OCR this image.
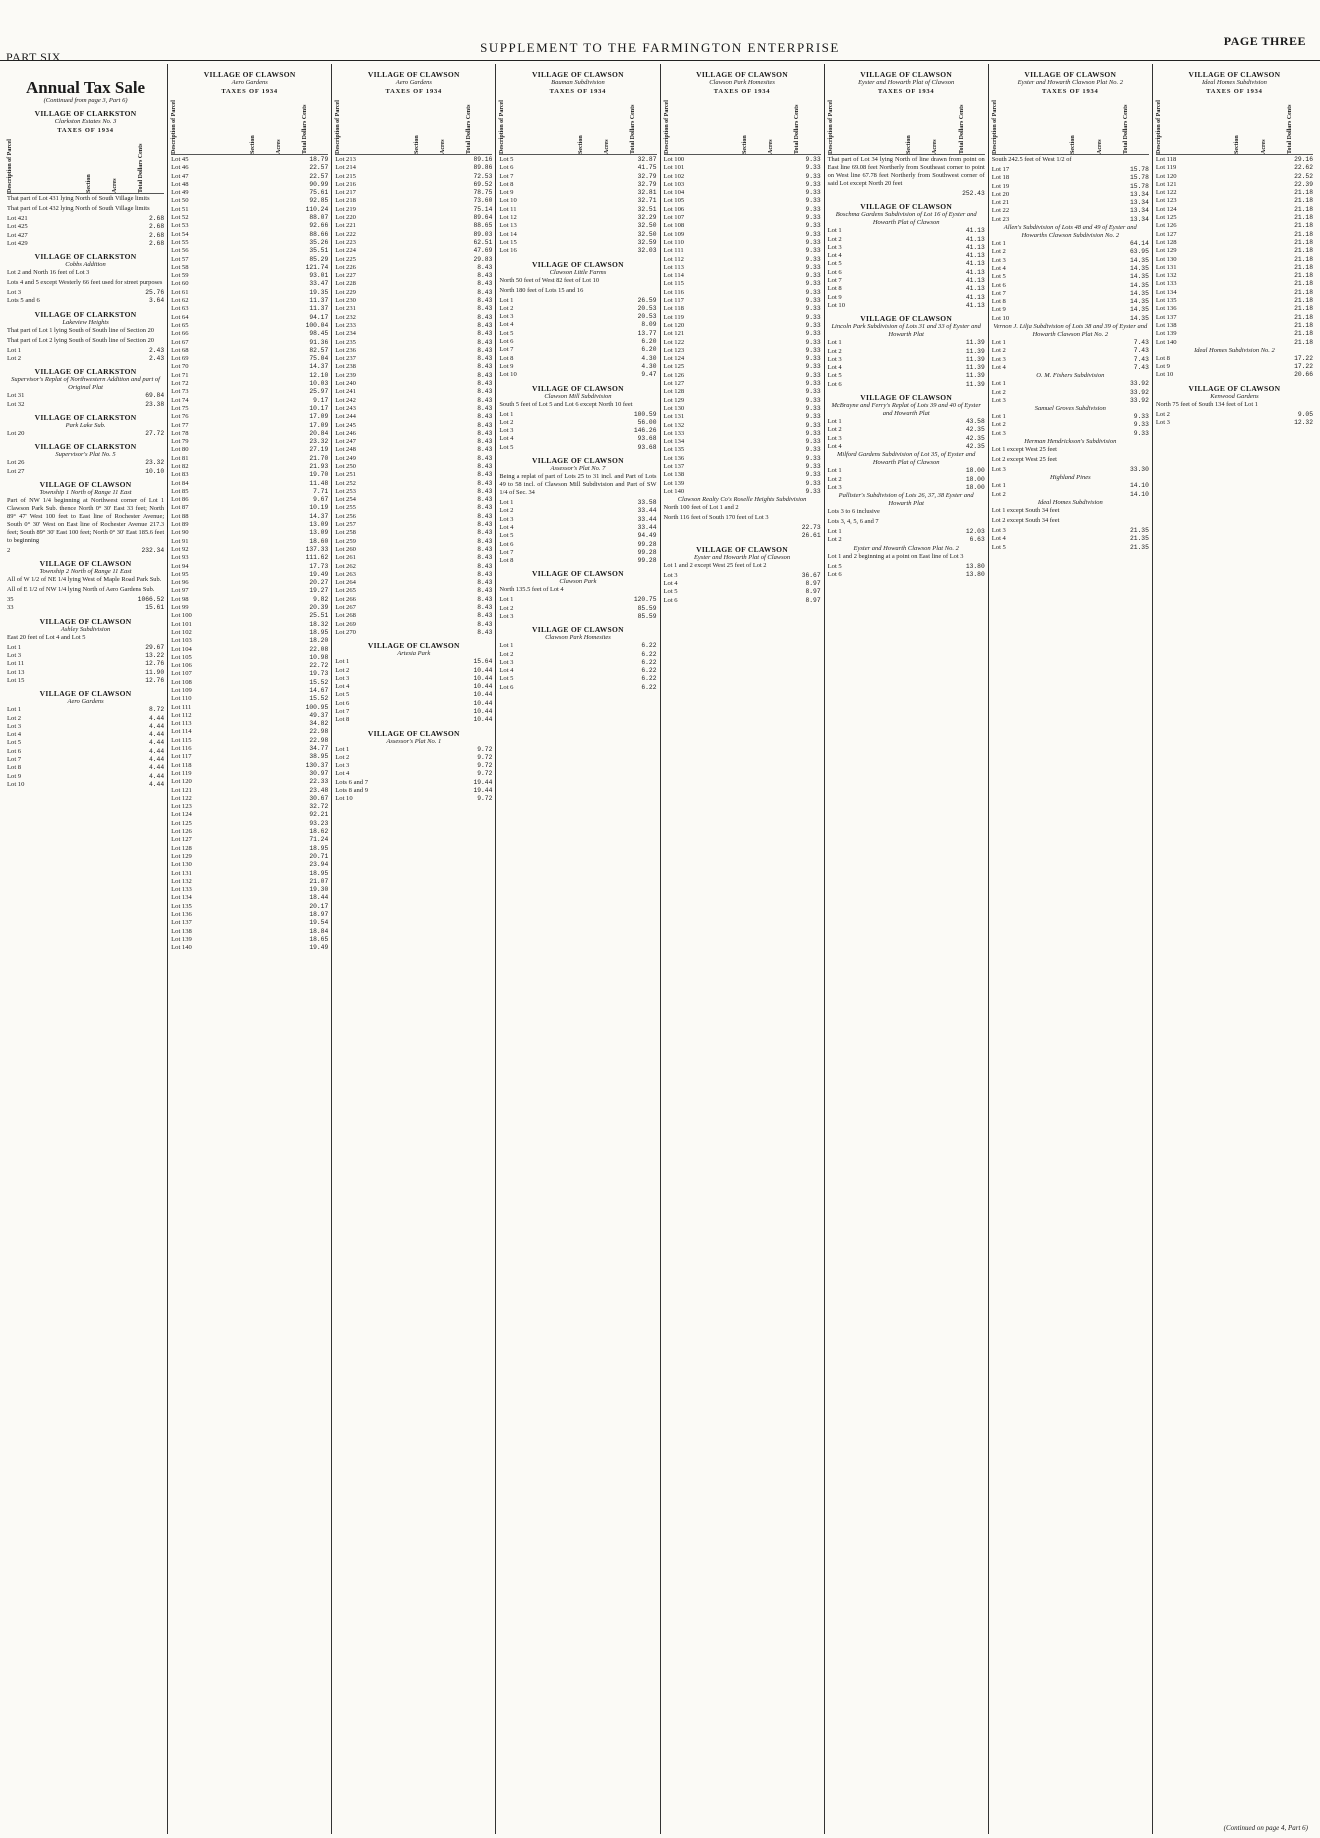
PART SIX
SUPPLEMENT TO THE FARMINGTON ENTERPRISE	PAGE THREE
Annual Tax Sale
(Continued from page 3, Part 6)
VILLAGE OF CLARKSTON
Clarkston Estates No. 3
TAXES OF 1934
Description of Parcel	Section	Acres	Total Dollars Cents

That part of Lot 431 lying North of South Village limits

That part of Lot 432 lying North of South Village limits

Lot 421	2.68
Lot 425	2.68
Lot 427	2.68
Lot 429	2.68
VILLAGE OF CLARKSTON
Cobbs Addition

Lot 2 and North 16 feet of Lot 3

Lots 4 and 5 except Westerly 66 feet used for street purposes

Lot 3	25.76
Lots 5 and 6	3.64
VILLAGE OF CLARKSTON
Lakeview Heights

That part of Lot 1 lying South of South line of Section 20

That part of Lot 2 lying South of South line of Section 20

Lot 1	2.43
Lot 2	2.43
VILLAGE OF CLARKSTON
Supervisor's Replat of Northwestern Addition and part of Original Plat
Lot 31	69.84
Lot 32	23.38
VILLAGE OF CLARKSTON
Park Lake Sub.
Lot 20	27.72
VILLAGE OF CLARKSTON
Supervisor's Plat No. 5
Lot 26	23.32
Lot 27	10.10
VILLAGE OF CLAWSON
Township 1 North of Range 11 East

Part of NW 1/4 beginning at Northwest corner of Lot 1 Clawson Park Sub. thence North 0° 30' East 33 feet; North 89° 47' West 100 feet to East line of Rochester Avenue; South 0° 30' West on East line of Rochester Avenue 217.3 feet; South 89° 30' East 100 feet; North 0° 30' East 185.6 feet to beginning

2	232.34
VILLAGE OF CLAWSON
Township 2 North of Range 11 East

All of W 1/2 of NE 1/4 lying West of Maple Road Park Sub.

All of E 1/2 of NW 1/4 lying North of Aero Gardens Sub.

35	1066.52
33	15.61
VILLAGE OF CLAWSON
Ashley Subdivision

East 20 feet of Lot 4 and Lot 5

Lot 1	29.67
Lot 3	13.22
Lot 11	12.76
Lot 13	11.90
Lot 15	12.76
VILLAGE OF CLAWSON
Aero Gardens
Lot 1	8.72
Lot 2	4.44
Lot 3	4.44
Lot 4	4.44
Lot 5	4.44
Lot 6	4.44
Lot 7	4.44
Lot 8	4.44
Lot 9	4.44
Lot 10	4.44
VILLAGE OF CLAWSON
Aero Gardens
TAXES OF 1934
Description of Parcel	Section	Acres	Total Dollars Cents
Lot 45	18.79
Lot 46	22.57
Lot 47	22.57
Lot 48	90.99
Lot 49	75.61
Lot 50	92.85
Lot 51	110.24
Lot 52	88.07
Lot 53	92.66
Lot 54	88.66
Lot 55	35.26
Lot 56	35.51
Lot 57	85.29
Lot 58	121.74
Lot 59	93.01
Lot 60	33.47
Lot 61	19.35
Lot 62	11.37
Lot 63	11.37
Lot 64	94.17
Lot 65	100.04
Lot 66	98.45
Lot 67	91.36
Lot 68	82.57
Lot 69	75.04
Lot 70	14.37
Lot 71	12.10
Lot 72	10.03
Lot 73	25.97
Lot 74	9.17
Lot 75	10.17
Lot 76	17.09
Lot 77	17.09
Lot 78	20.84
Lot 79	23.32
Lot 80	27.19
Lot 81	21.70
Lot 82	21.93
Lot 83	19.70
Lot 84	11.48
Lot 85	7.71
Lot 86	9.67
Lot 87	10.19
Lot 88	14.37
Lot 89	13.09
Lot 90	13.09
Lot 91	18.60
Lot 92	137.33
Lot 93	111.62
Lot 94	17.73
Lot 95	19.49
Lot 96	20.27
Lot 97	19.27
Lot 98	9.82
Lot 99	20.39
Lot 100	25.51
Lot 101	18.32
Lot 102	18.95
Lot 103	18.20
Lot 104	22.08
Lot 105	10.98
Lot 106	22.72
Lot 107	19.73
Lot 108	15.52
Lot 109	14.67
Lot 110	15.52
Lot 111	100.95
Lot 112	49.37
Lot 113	34.82
Lot 114	22.98
Lot 115	22.98
Lot 116	34.77
Lot 117	38.95
Lot 118	130.37
Lot 119	30.97
Lot 120	22.33
Lot 121	23.48
Lot 122	30.67
Lot 123	32.72
Lot 124	92.21
Lot 125	93.23
Lot 126	18.62
Lot 127	71.24
Lot 128	18.95
Lot 129	20.71
Lot 130	23.94
Lot 131	18.95
Lot 132	21.07
Lot 133	19.30
Lot 134	18.44
Lot 135	20.17
Lot 136	18.97
Lot 137	19.54
Lot 138	18.84
Lot 139	18.65
Lot 140	19.49
VILLAGE OF CLAWSON
Aero Gardens
TAXES OF 1934
Description of Parcel	Section	Acres	Total Dollars Cents
Lot 213	89.16
Lot 214	89.86
Lot 215	72.53
Lot 216	69.52
Lot 217	78.75
Lot 218	73.60
Lot 219	75.14
Lot 220	89.64
Lot 221	88.65
Lot 222	89.03
Lot 223	62.51
Lot 224	47.69
Lot 225	29.83
Lot 226	8.43
Lot 227	8.43
Lot 228	8.43
Lot 229	8.43
Lot 230	8.43
Lot 231	8.43
Lot 232	8.43
Lot 233	8.43
Lot 234	8.43
Lot 235	8.43
Lot 236	8.43
Lot 237	8.43
Lot 238	8.43
Lot 239	8.43
Lot 240	8.43
Lot 241	8.43
Lot 242	8.43
Lot 243	8.43
Lot 244	8.43
Lot 245	8.43
Lot 246	8.43
Lot 247	8.43
Lot 248	8.43
Lot 249	8.43
Lot 250	8.43
Lot 251	8.43
Lot 252	8.43
Lot 253	8.43
Lot 254	8.43
Lot 255	8.43
Lot 256	8.43
Lot 257	8.43
Lot 258	8.43
Lot 259	8.43
Lot 260	8.43
Lot 261	8.43
Lot 262	8.43
Lot 263	8.43
Lot 264	8.43
Lot 265	8.43
Lot 266	8.43
Lot 267	8.43
Lot 268	8.43
Lot 269	8.43
Lot 270	8.43
VILLAGE OF CLAWSON
Artesia Park
Lot 1	15.64
Lot 2	10.44
Lot 3	10.44
Lot 4	10.44
Lot 5	10.44
Lot 6	10.44
Lot 7	10.44
Lot 8	10.44
VILLAGE OF CLAWSON
Assessor's Plat No. 1
Lot 1	9.72
Lot 2	9.72
Lot 3	9.72
Lot 4	9.72
Lots 6 and 7	19.44
Lots 8 and 9	19.44
Lot 10	9.72
VILLAGE OF CLAWSON
Bauman Subdivision
TAXES OF 1934
Description of Parcel	Section	Acres	Total Dollars Cents
Lot 5	32.87
Lot 6	41.75
Lot 7	32.79
Lot 8	32.79
Lot 9	32.81
Lot 10	32.71
Lot 11	32.51
Lot 12	32.29
Lot 13	32.50
Lot 14	32.50
Lot 15	32.59
Lot 16	32.03
VILLAGE OF CLAWSON
Clawson Little Farms

North 50 feet of West 82 feet of Lot 10

North 180 feet of Lots 15 and 16

Lot 1	26.59
Lot 2	20.53
Lot 3	20.53
Lot 4	8.09
Lot 5	13.77
Lot 6	6.20
Lot 7	6.20
Lot 8	4.30
Lot 9	4.30
Lot 10	9.47
VILLAGE OF CLAWSON
Clawson Mill Subdivision

South 5 feet of Lot 5 and Lot 6 except North 10 feet

Lot 1	100.59
Lot 2	56.00
Lot 3	146.26
Lot 4	93.68
Lot 5	93.68
VILLAGE OF CLAWSON
Assessor's Plat No. 7

Being a replat of part of Lots 25 to 31 incl. and Part of Lots 49 to 58 incl. of Clawson Mill Subdivision and Part of SW 1/4 of Sec. 34

Lot 1	33.58
Lot 2	33.44
Lot 3	33.44
Lot 4	33.44
Lot 5	94.49
Lot 6	99.28
Lot 7	99.28
Lot 8	99.28
VILLAGE OF CLAWSON
Clawson Park

North 135.5 feet of Lot 4

Lot 1	120.75
Lot 2	85.59
Lot 3	85.59
VILLAGE OF CLAWSON
Clawson Park Homesites
Lot 1	6.22
Lot 2	6.22
Lot 3	6.22
Lot 4	6.22
Lot 5	6.22
Lot 6	6.22
VILLAGE OF CLAWSON
Clawson Park Homesites
TAXES OF 1934
Description of Parcel	Section	Acres	Total Dollars Cents
Lot 100	9.33
Lot 101	9.33
Lot 102	9.33
Lot 103	9.33
Lot 104	9.33
Lot 105	9.33
Lot 106	9.33
Lot 107	9.33
Lot 108	9.33
Lot 109	9.33
Lot 110	9.33
Lot 111	9.33
Lot 112	9.33
Lot 113	9.33
Lot 114	9.33
Lot 115	9.33
Lot 116	9.33
Lot 117	9.33
Lot 118	9.33
Lot 119	9.33
Lot 120	9.33
Lot 121	9.33
Lot 122	9.33
Lot 123	9.33
Lot 124	9.33
Lot 125	9.33
Lot 126	9.33
Lot 127	9.33
Lot 128	9.33
Lot 129	9.33
Lot 130	9.33
Lot 131	9.33
Lot 132	9.33
Lot 133	9.33
Lot 134	9.33
Lot 135	9.33
Lot 136	9.33
Lot 137	9.33
Lot 138	9.33
Lot 139	9.33
Lot 140	9.33
Clawson Realty Co's Roselle Heights Subdivision

North 100 feet of Lot 1 and 2

North 116 feet of South 170 feet of Lot 3

22.73
26.61
VILLAGE OF CLAWSON
Eyster and Howarth Plat of Clawson

Lot 1 and 2 except West 25 feet of Lot 2

Lot 3	36.67
Lot 4	8.97
Lot 5	8.97
Lot 6	8.97
VILLAGE OF CLAWSON
Eyster and Howarth Plat of Clawson
TAXES OF 1934
Description of Parcel	Section	Acres	Total Dollars Cents

That part of Lot 34 lying North of line drawn from point on East line 69.08 feet Northerly from Southeast corner to point on West line 67.78 feet Northerly from Southwest corner of said Lot except North 20 feet

252.43
VILLAGE OF CLAWSON
Boschma Gardens Subdivision of Lot 16 of Eyster and Howarth Plat of Clawson
Lot 1	41.13
Lot 2	41.13
Lot 3	41.13
Lot 4	41.13
Lot 5	41.13
Lot 6	41.13
Lot 7	41.13
Lot 8	41.13
Lot 9	41.13
Lot 10	41.13
VILLAGE OF CLAWSON
Lincoln Park Subdivision of Lots 31 and 33 of Eyster and Howarth Plat
Lot 1	11.39
Lot 2	11.39
Lot 3	11.39
Lot 4	11.39
Lot 5	11.39
Lot 6	11.39
VILLAGE OF CLAWSON
McBrayne and Ferry's Replat of Lots 39 and 40 of Eyster and Howarth Plat
Lot 1	43.58
Lot 2	42.35
Lot 3	42.35
Lot 4	42.35
Milford Gardens Subdivision of Lot 35, of Eyster and Howarth Plat of Clawson
Lot 1	18.00
Lot 2	18.00
Lot 3	18.00
Pallister's Subdivision of Lots 26, 37, 38 Eyster and Howarth Plat

Lots 3 to 6 inclusive

Lots 3, 4, 5, 6 and 7

Lot 1	12.03
Lot 2	6.63
Eyster and Howarth Clawson Plat No. 2

Lot 1 and 2 beginning at a point on East line of Lot 3

Lot 5	13.80
Lot 6	13.80
VILLAGE OF CLAWSON
Eyster and Howarth Clawson Plat No. 2
TAXES OF 1934
Description of Parcel	Section	Acres	Total Dollars Cents

South 242.5 feet of West 1/2 of

Lot 17	15.78
Lot 18	15.78
Lot 19	15.78
Lot 20	13.34
Lot 21	13.34
Lot 22	13.34
Lot 23	13.34
Allen's Subdivision of Lots 48 and 49 of Eyster and Howarths Clawson Subdivision No. 2
Lot 1	64.14
Lot 2	63.95
Lot 3	14.35
Lot 4	14.35
Lot 5	14.35
Lot 6	14.35
Lot 7	14.35
Lot 8	14.35
Lot 9	14.35
Lot 10	14.35
Vernon J. Lilja Subdivision of Lots 38 and 39 of Eyster and Howarth Clawson Plat No. 2
Lot 1	7.43
Lot 2	7.43
Lot 3	7.43
Lot 4	7.43
O. M. Fishers Subdivision
Lot 1	33.92
Lot 2	33.92
Lot 3	33.92
Samuel Groves Subdivision
Lot 1	9.33
Lot 2	9.33
Lot 3	9.33
Herman Hendrickson's Subdivision

Lot 1 except West 25 feet

Lot 2 except West 25 feet

Lot 3	33.30
Highland Pines
Lot 1	14.10
Lot 2	14.10
Ideal Homes Subdivision

Lot 1 except South 34 feet

Lot 2 except South 34 feet

Lot 3	21.35
Lot 4	21.35
Lot 5	21.35
VILLAGE OF CLAWSON
Ideal Homes Subdivision
TAXES OF 1934
Description of Parcel	Section	Acres	Total Dollars Cents
Lot 118	29.16
Lot 119	22.62
Lot 120	22.52
Lot 121	22.39
Lot 122	21.18
Lot 123	21.18
Lot 124	21.18
Lot 125	21.18
Lot 126	21.18
Lot 127	21.18
Lot 128	21.18
Lot 129	21.18
Lot 130	21.18
Lot 131	21.18
Lot 132	21.18
Lot 133	21.18
Lot 134	21.18
Lot 135	21.18
Lot 136	21.18
Lot 137	21.18
Lot 138	21.18
Lot 139	21.18
Lot 140	21.18
Ideal Homes Subdivision No. 2
Lot 8	17.22
Lot 9	17.22
Lot 10	20.66
VILLAGE OF CLAWSON
Kenwood Gardens

North 75 feet of South 134 feet of Lot 1

Lot 2	9.05
Lot 3	12.32
(Continued on page 4, Part 6)
